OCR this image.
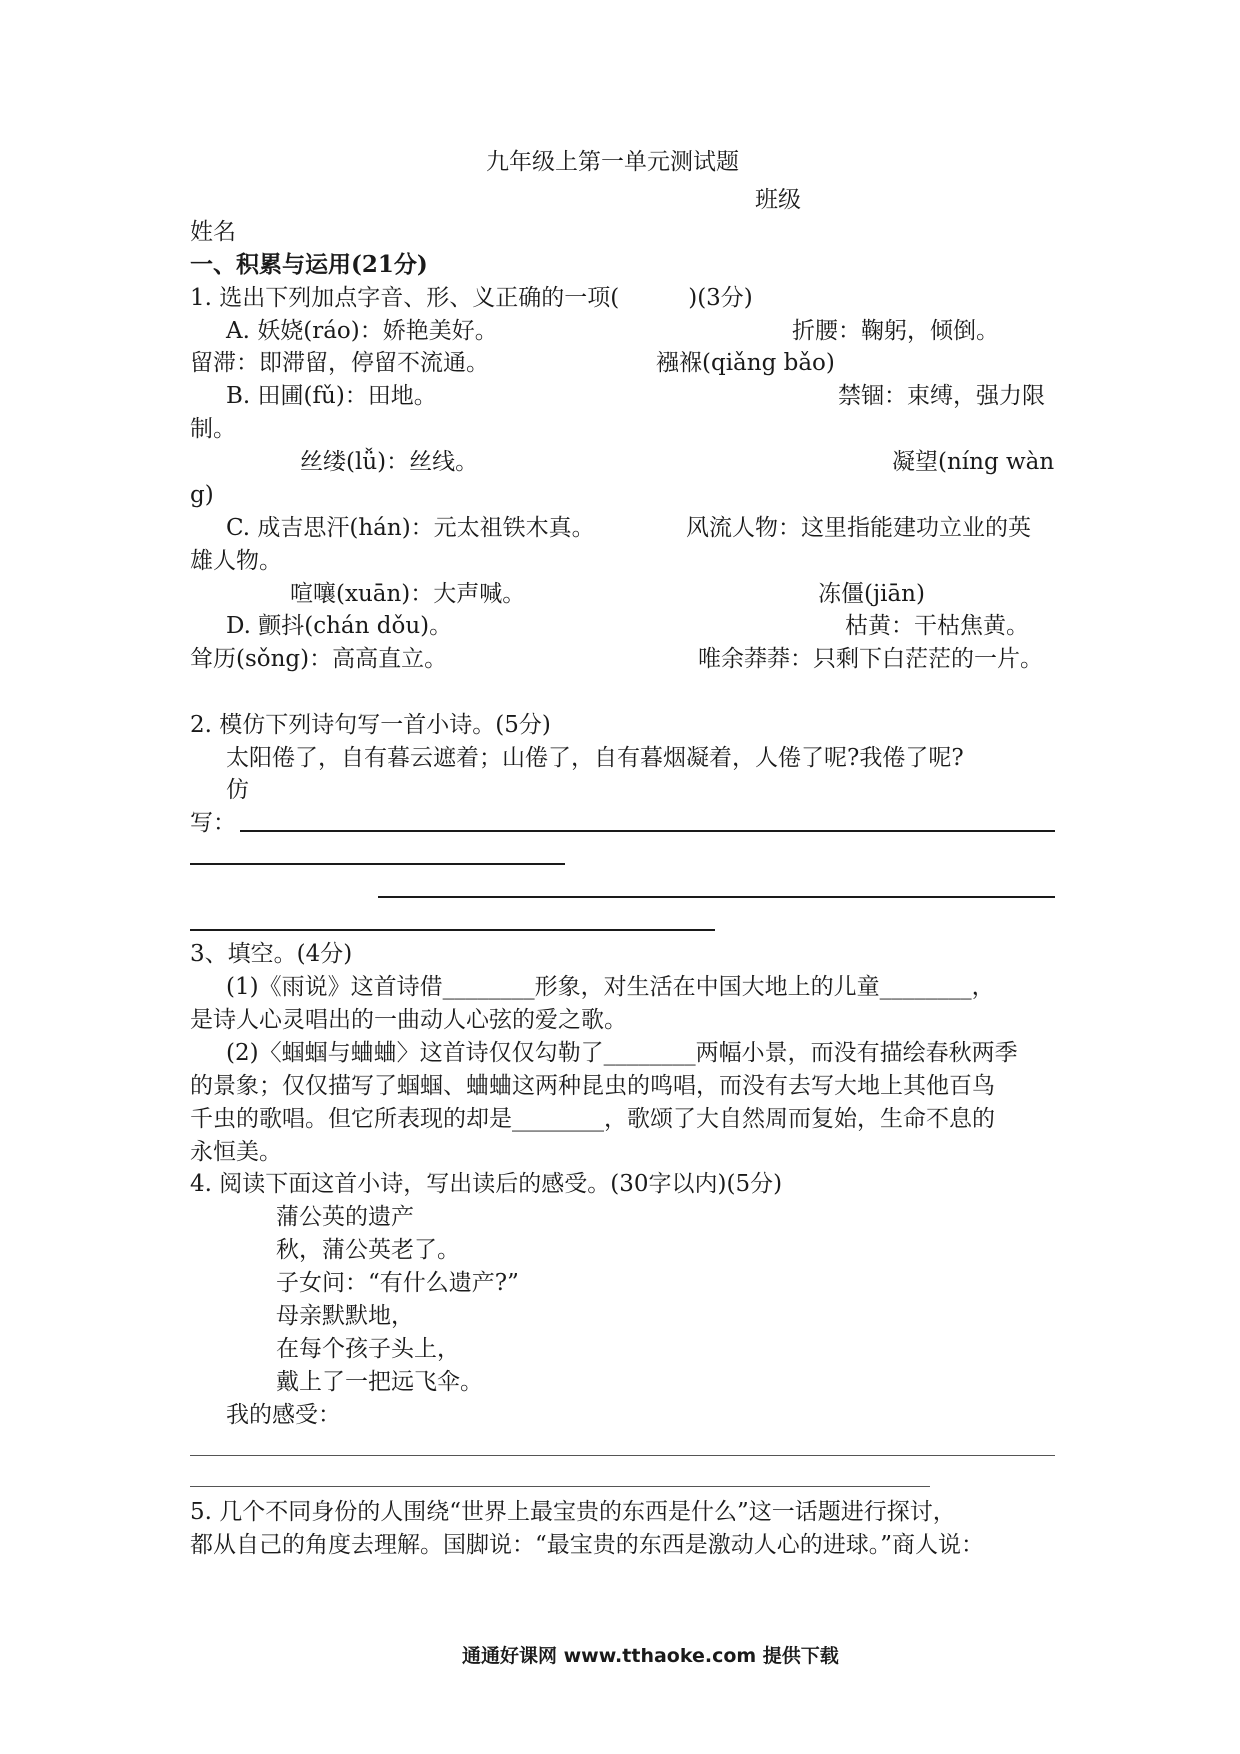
九年级上第一单元测试题
班级
姓名
一、积累与运用(21分)
1. 选出下列加点字音、形、义正确的一项(　　　)(3分)
A. 妖娆(ráo)：娇艳美好。	折腰：鞠躬，倾倒。
留滞：即滞留，停留不流通。	襁褓(qiǎng bǎo)
B. 田圃(fǔ)：田地。	禁锢：束缚，强力限
制。
丝缕(lǚ)：丝线。	凝望(níng wàn
g)
C. 成吉思汗(hán)：元太祖铁木真。	风流人物：这里指能建功立业的英
雄人物。
喧嚷(xuān)：大声喊。	冻僵(jiān)
D. 颤抖(chán dǒu)。	枯黄：干枯焦黄。
耸历(sǒng)：高高直立。	唯余莽莽：只剩下白茫茫的一片。
2. 模仿下列诗句写一首小诗。(5分)
太阳倦了，自有暮云遮着；山倦了，自有暮烟凝着，人倦了呢?我倦了呢?
仿
写：
3、填空。(4分)
(1)《雨说》这首诗借________形象，对生活在中国大地上的儿童________，
是诗人心灵唱出的一曲动人心弦的爱之歌。
(2)〈蝈蝈与蛐蛐〉这首诗仅仅勾勒了________两幅小景，而没有描绘春秋两季
的景象；仅仅描写了蝈蝈、蛐蛐这两种昆虫的鸣唱，而没有去写大地上其他百鸟
千虫的歌唱。但它所表现的却是________，歌颂了大自然周而复始，生命不息的
永恒美。
4. 阅读下面这首小诗，写出读后的感受。(30字以内)(5分)
蒲公英的遗产
秋，蒲公英老了。
子女问：“有什么遗产?”
母亲默默地，
在每个孩子头上，
戴上了一把远飞伞。
我的感受：
5. 几个不同身份的人围绕“世界上最宝贵的东西是什么”这一话题进行探讨，
都从自己的角度去理解。国脚说：“最宝贵的东西是激动人心的进球。”商人说：
通通好课网 www.tthaoke.com 提供下载
